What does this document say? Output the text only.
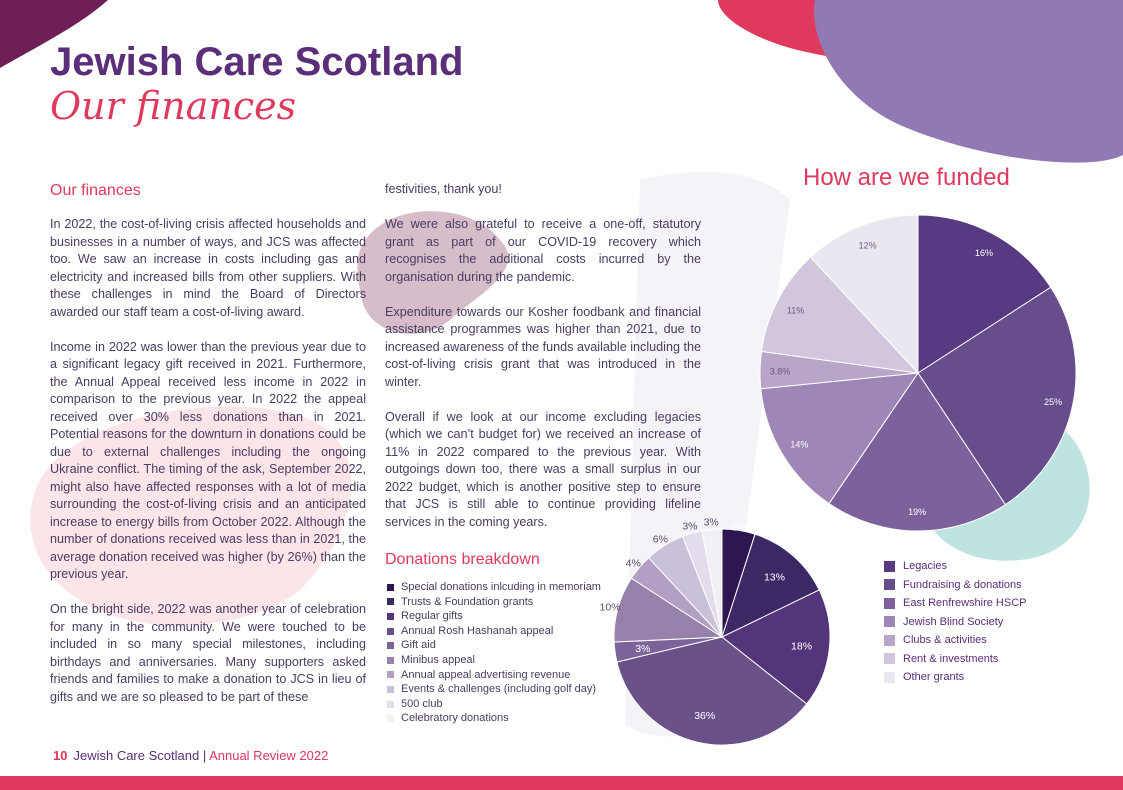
Jewish Care Scotland
Our finances
Our finances

In 2022, the cost-of-living crisis affected households and businesses in a number of ways, and JCS was affected too. We saw an increase in costs including gas and electricity and increased bills from other suppliers. With these challenges in mind the Board of Directors awarded our staff team a cost-of-living award.

Income in 2022 was lower than the previous year due to a significant legacy gift received in 2021. Furthermore, the Annual Appeal received less income in 2022 in comparison to the previous year. In 2022 the appeal received over 30% less donations than in 2021. Potential reasons for the downturn in donations could be due to external challenges including the ongoing Ukraine conflict. The timing of the ask, September 2022, might also have affected responses with a lot of media surrounding the cost-of-living crisis and an anticipated increase to energy bills from October 2022. Although the number of donations received was less than in 2021, the average donation received was higher (by 26%) than the previous year.

On the bright side, 2022 was another year of celebration for many in the community. We were touched to be included in so many special milestones, including birthdays and anniversaries. Many supporters asked friends and families to make a donation to JCS in lieu of gifts and we are so pleased to be part of these

festivities, thank you!

We were also grateful to receive a one-off, statutory grant as part of our COVID-19 recovery which recognises the additional costs incurred by the organisation during the pandemic.

Expenditure towards our Kosher foodbank and financial assistance programmes was higher than 2021, due to increased awareness of the funds available including the cost-of-living crisis grant that was introduced in the winter.

Overall if we look at our income excluding legacies (which we can’t budget for) we received an increase of 11% in 2022 compared to the previous year. With outgoings down too, there was a small surplus in our 2022 budget, which is another positive step to ensure that JCS is still able to continue providing lifeline services in the coming years.

Donations breakdown
Special donations inlcuding in memoriam
Trusts & Foundation grants
Regular gifts
Annual Rosh Hashanah appeal
Gift aid
Minibus appeal
Annual appeal advertising revenue
Events & challenges (including golf day)
500 club
Celebratory donations
How are we funded
Legacies
Fundraising & donations
East Renfrewshire HSCP
Jewish Blind Society
Clubs & activities
Rent & investments
Other grants
16%
25%
19%
14%
3.8%
11%
12%
5%
13%
18%
36%
3%
10%
4%
6%
3% 3%
10 Jewish Care Scotland | Annual Review 2022
